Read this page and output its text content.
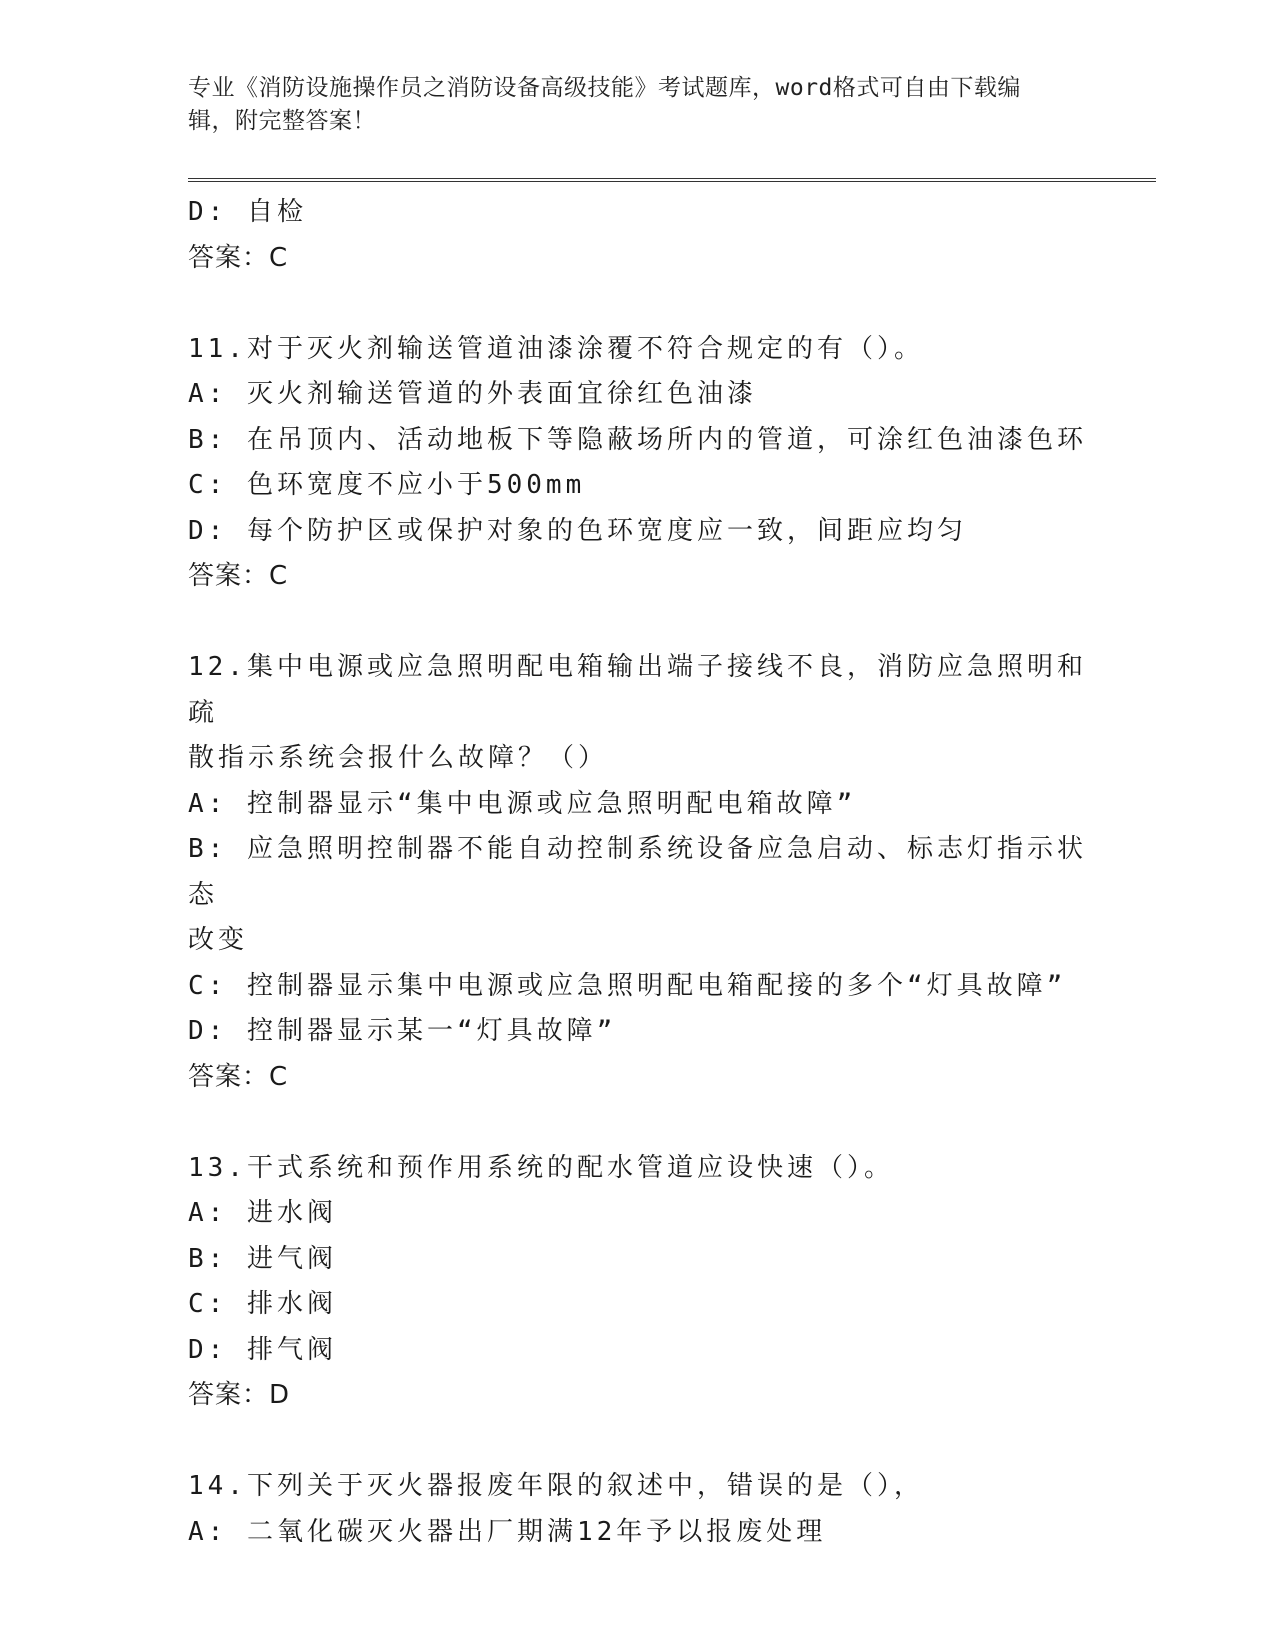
专业《消防设施操作员之消防设备高级技能》考试题库，word格式可自由下载编
辑，附完整答案！
D: 自检
答案：C
11.对于灭火剂输送管道油漆涂覆不符合规定的有（）。
A: 灭火剂输送管道的外表面宜徐红色油漆
B: 在吊顶内、活动地板下等隐蔽场所内的管道，可涂红色油漆色环
C: 色环宽度不应小于500mm
D: 每个防护区或保护对象的色环宽度应一致，间距应均匀
答案：C
12.集中电源或应急照明配电箱输出端子接线不良，消防应急照明和疏
散指示系统会报什么故障？（）
A: 控制器显示“集中电源或应急照明配电箱故障”
B: 应急照明控制器不能自动控制系统设备应急启动、标志灯指示状态
改变
C: 控制器显示集中电源或应急照明配电箱配接的多个“灯具故障”
D: 控制器显示某一“灯具故障”
答案：C
13.干式系统和预作用系统的配水管道应设快速（）。
A: 进水阀
B: 进气阀
C: 排水阀
D: 排气阀
答案：D
14.下列关于灭火器报废年限的叙述中，错误的是（），
A: 二氧化碳灭火器出厂期满12年予以报废处理
